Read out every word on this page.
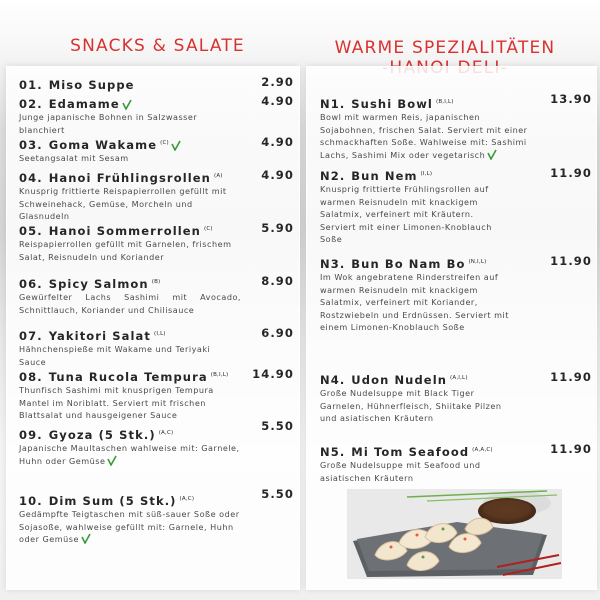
SNACKS & SALATE	WARME SPEZIALITÄTEN
01. Miso Suppe	2.90
02. Edamame	4.90
Junge japanische Bohnen in Salzwasser blanchiert
03. Goma Wakame $^{(C)}$	4.90
Seetangsalat mit Sesam
04. Hanoi Frühlingsrollen $^{(A)}$	4.90
Knusprig frittierte Reispapierrollen gefüllt mit Schweinehack, Gemüse, Morcheln und Glasnudeln
05. Hanoi Sommerrollen $^{(C)}$	5.90
Reispapierrollen gefüllt mit Garnelen, frischem Salat, Reisnudeln und Koriander
06. Spicy Salmon $^{(B)}$	8.90
Gewürfelter Lachs Sashimi mit Avocado, Schnittlauch, Koriander und Chilisauce
07. Yakitori Salat $^{(I,L)}$	6.90
Hähnchenspieße mit Wakame und Teriyaki Sauce
08. Tuna Rucola Tempura $^{(B,I,L)}$ 14.90
Thunfisch Sashimi mit knusprigen Tempura Mantel im Noriblatt. Serviert mit frischen Blattsalat und hausgeigener Sauce
09. Gyoza (5 Stk.) $^{(A,C)}$	5.50
Japanische Maultaschen wahlweise mit: Garnele, Huhn oder Gemüse
10. Dim Sum (5 Stk.) $^{(A,C)}$	5.50
Gedämpfte Teigtaschen mit süß-sauer Soße oder Sojasoße, wahlweise gefüllt mit: Garnele, Huhn oder Gemüse
N1. Sushi Bowl $^{(B,I,L)}$	13.90
Bowl mit warmen Reis, japanischen Sojabohnen, frischen Salat. Serviert mit einer schmackhaften Soße. Wahlweise mit: Sashimi Lachs, Sashimi Mix oder vegetarisch
N2. Bun Nem $^{(I,L)}$	11.90
Knusprig frittierte Frühlingsrollen auf warmen Reisnudeln mit knackigem Salatmix, verfeinert mit Kräutern. Serviert mit einer Limonen-Knoblauch Soße
N3. Bun Bo Nam Bo $^{(N,I,L)}$	11.90
Im Wok angebratene Rinderstreifen auf warmen Reisnudeln mit knackigem Salatmix, verfeinert mit Koriander, Rostzwiebeln und Erdnüssen. Serviert mit einem Limonen-Knoblauch Soße
N4. Udon Nudeln $^{(A,I,L)}$	11.90
Große Nudelsuppe mit Black Tiger Garnelen, Hühnerfleisch, Shiitake Pilzen und asiatischen Kräutern
N5. Mi Tom Seafood $^{(A,A,C)}$	11.90
Große Nudelsuppe mit Seafood und asiatischen Kräutern
